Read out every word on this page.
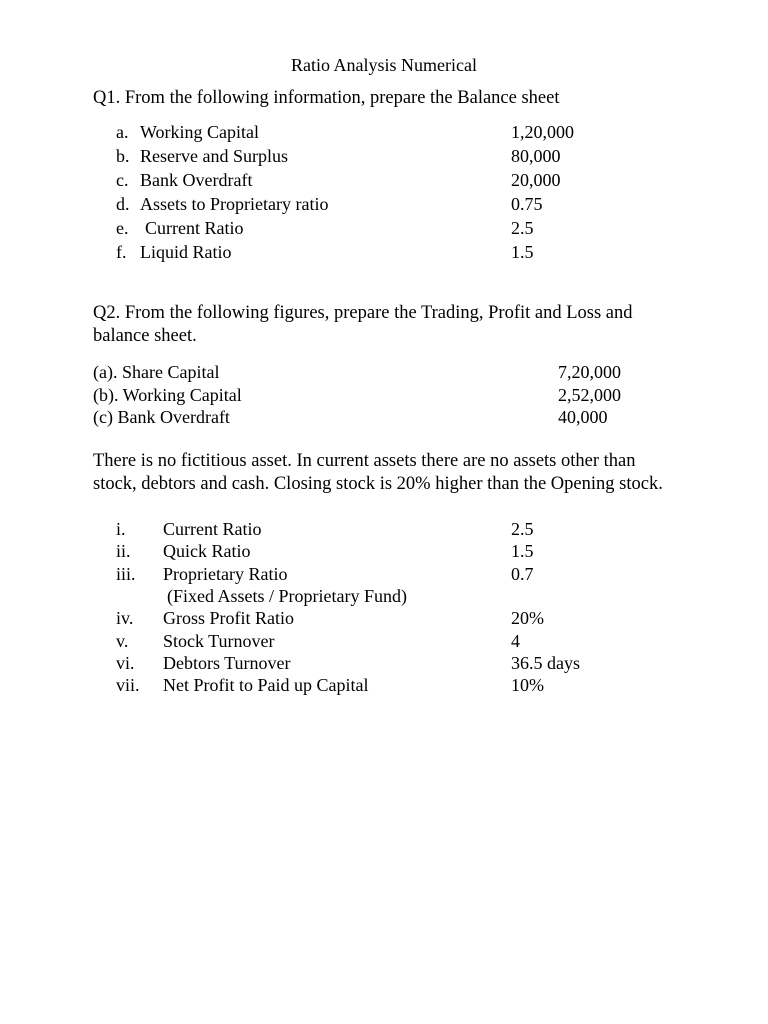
Ratio Analysis Numerical
Q1. From the following information, prepare the Balance sheet
a. Working Capital	1,20,000
b. Reserve and Surplus	80,000
c. Bank Overdraft	20,000
d. Assets to Proprietary ratio	0.75
e. Current Ratio	2.5
f. Liquid Ratio	1.5
Q2. From the following figures, prepare the Trading, Profit and Loss and balance sheet.
(a). Share Capital	7,20,000
(b). Working Capital	2,52,000
(c) Bank Overdraft	40,000
There is no fictitious asset. In current assets there are no assets other than stock, debtors and cash. Closing stock is 20% higher than the Opening stock.
i. Current Ratio	2.5
ii. Quick Ratio	1.5
iii. Proprietary Ratio	0.7
(Fixed Assets / Proprietary Fund)
iv. Gross Profit Ratio	20%
v. Stock Turnover	4
vi. Debtors Turnover	36.5 days
vii. Net Profit to Paid up Capital	10%
